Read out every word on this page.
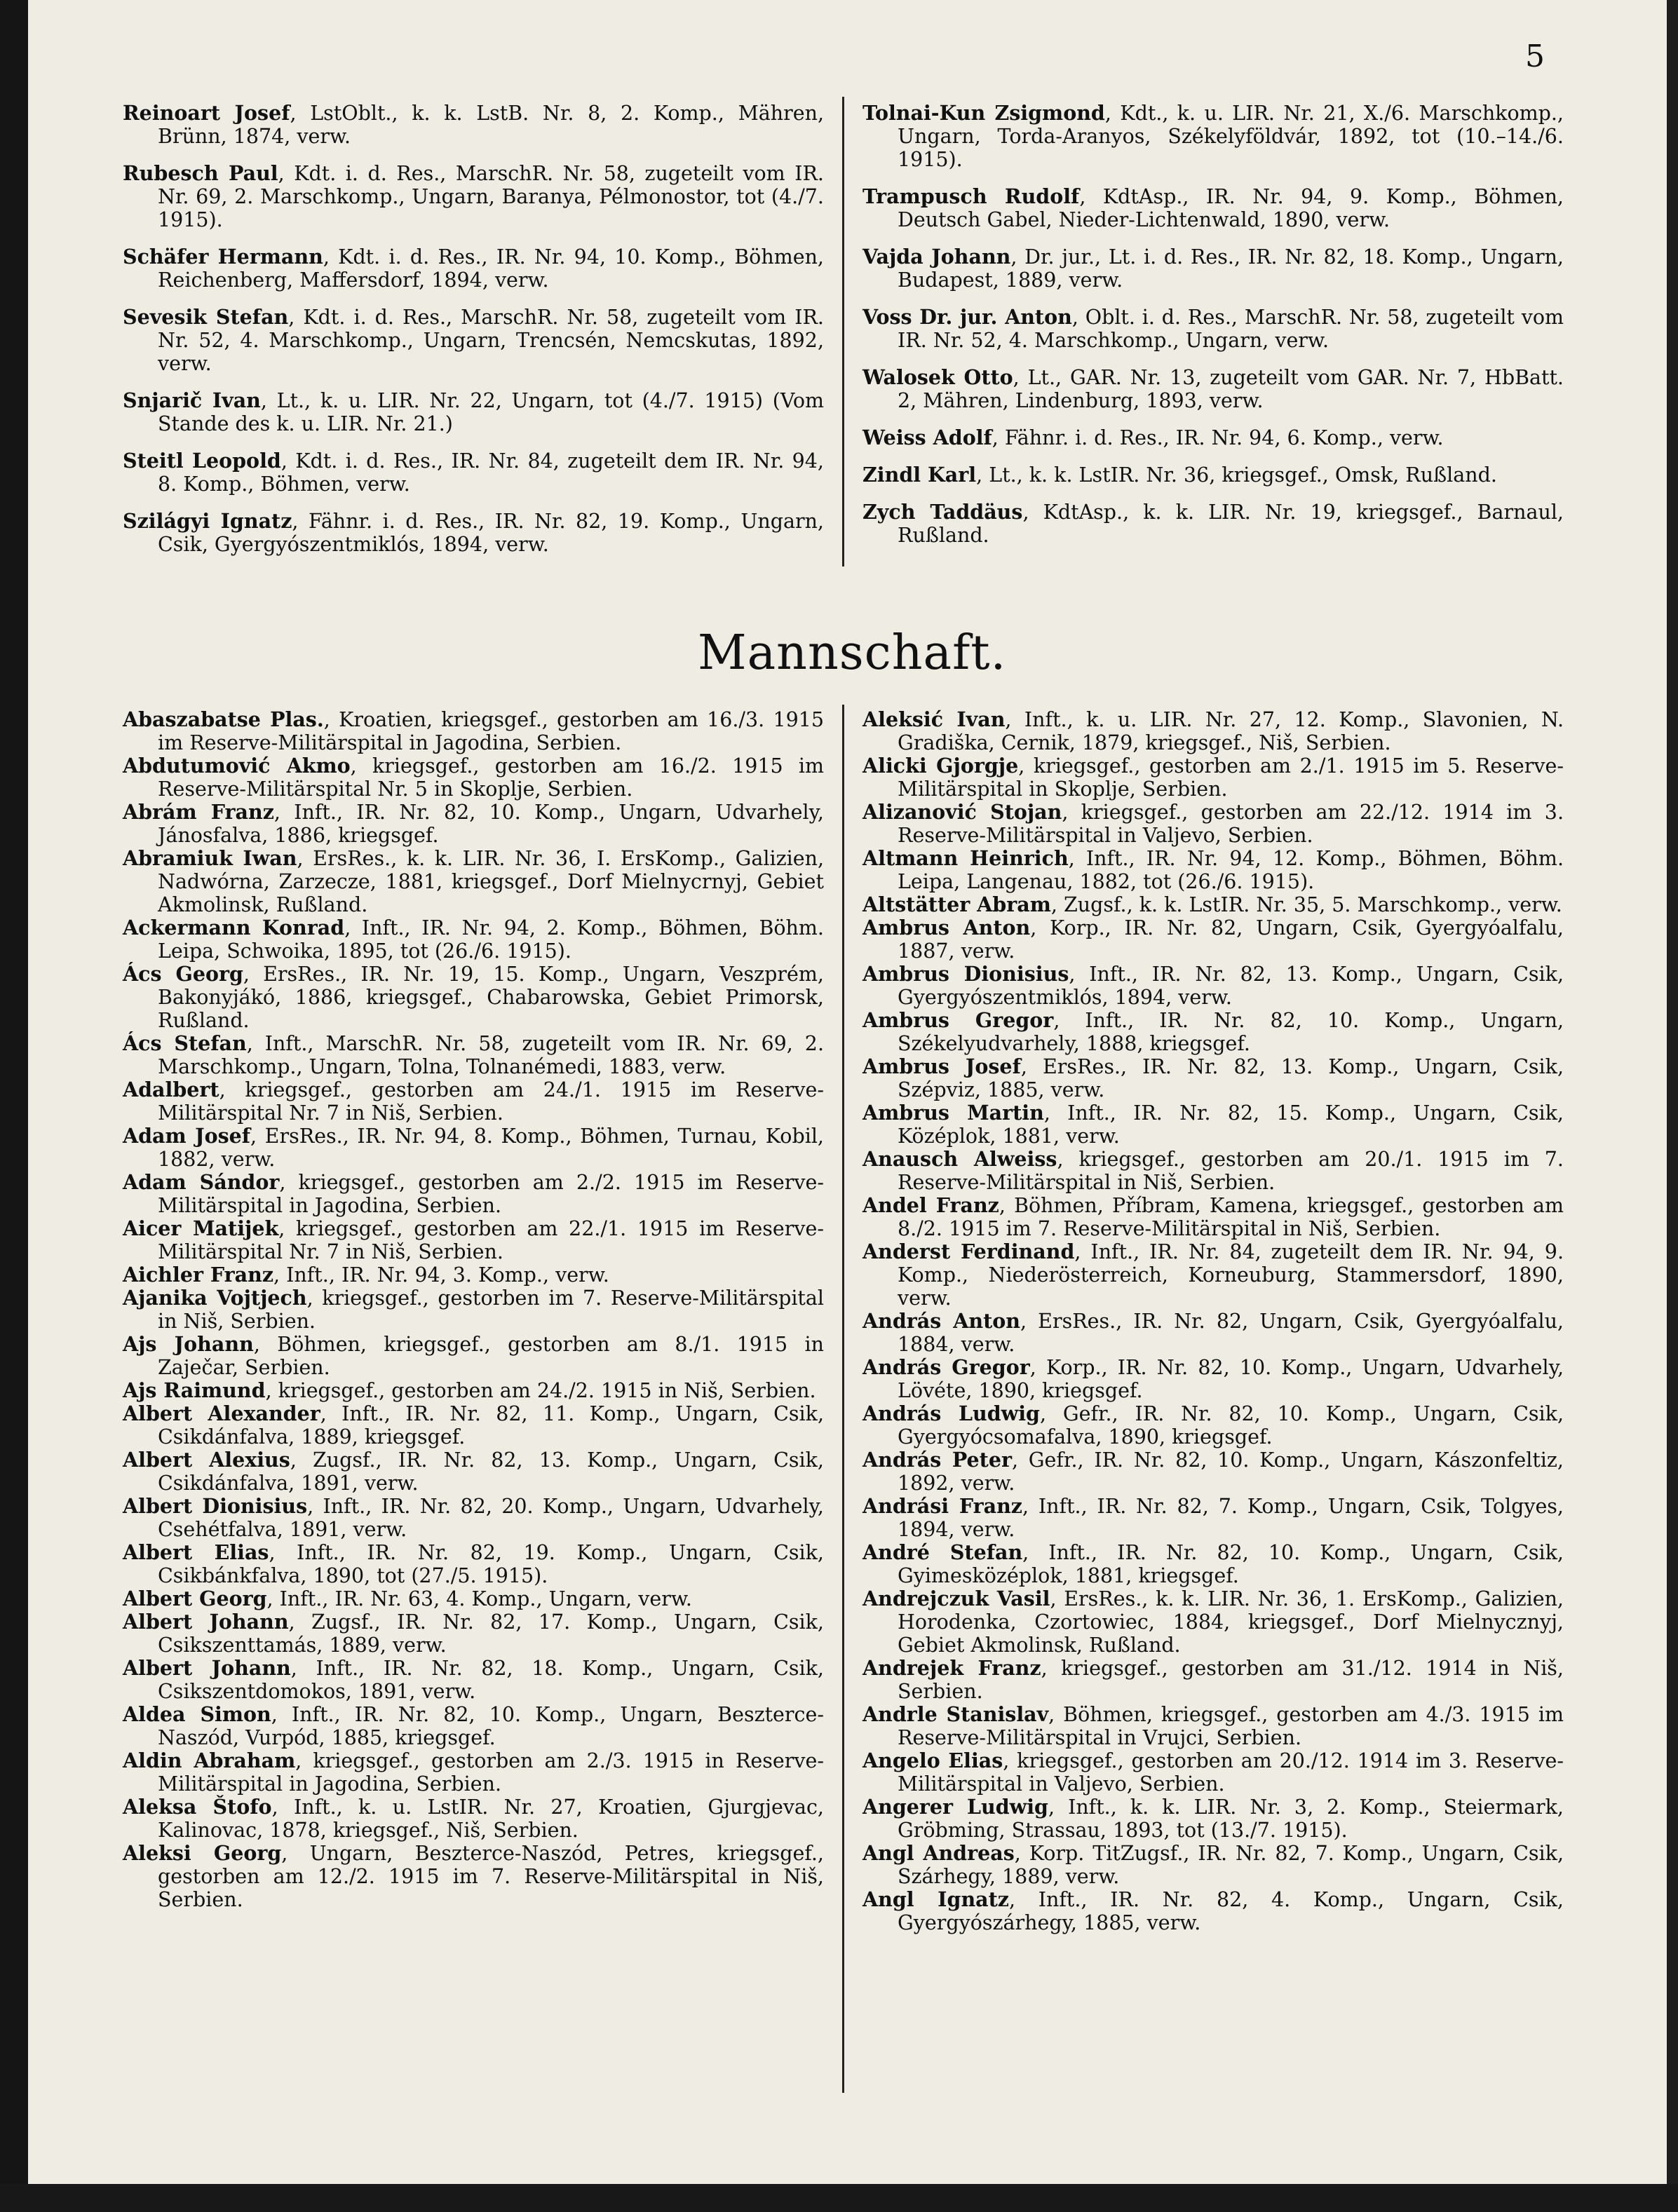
5

Reinoart Josef, LstOblt., k. k. LstB. Nr. 8, 2. Komp., Mähren, Brünn, 1874, verw.

Rubesch Paul, Kdt. i. d. Res., MarschR. Nr. 58, zugeteilt vom IR. Nr. 69, 2. Marschkomp., Ungarn, Baranya, Pélmonostor, tot (4./7. 1915).

Schäfer Hermann, Kdt. i. d. Res., IR. Nr. 94, 10. Komp., Böhmen, Reichenberg, Maffersdorf, 1894, verw.

Sevesik Stefan, Kdt. i. d. Res., MarschR. Nr. 58, zugeteilt vom IR. Nr. 52, 4. Marschkomp., Ungarn, Trencsén, Nemcskutas, 1892, verw.

Snjarič Ivan, Lt., k. u. LIR. Nr. 22, Ungarn, tot (4./7. 1915) (Vom Stande des k. u. LIR. Nr. 21.)

Steitl Leopold, Kdt. i. d. Res., IR. Nr. 84, zugeteilt dem IR. Nr. 94, 8. Komp., Böhmen, verw.

Szilágyi Ignatz, Fähnr. i. d. Res., IR. Nr. 82, 19. Komp., Ungarn, Csik, Gyergyószentmiklós, 1894, verw.

Tolnai-Kun Zsigmond, Kdt., k. u. LIR. Nr. 21, X./6. Marschkomp., Ungarn, Torda-Aranyos, Székelyföldvár, 1892, tot (10.–14./6. 1915).

Trampusch Rudolf, KdtAsp., IR. Nr. 94, 9. Komp., Böhmen, Deutsch Gabel, Nieder-Lichtenwald, 1890, verw.

Vajda Johann, Dr. jur., Lt. i. d. Res., IR. Nr. 82, 18. Komp., Ungarn, Budapest, 1889, verw.

Voss Dr. jur. Anton, Oblt. i. d. Res., MarschR. Nr. 58, zugeteilt vom IR. Nr. 52, 4. Marschkomp., Ungarn, verw.

Walosek Otto, Lt., GAR. Nr. 13, zugeteilt vom GAR. Nr. 7, HbBatt. 2, Mähren, Lindenburg, 1893, verw.

Weiss Adolf, Fähnr. i. d. Res., IR. Nr. 94, 6. Komp., verw.

Zindl Karl, Lt., k. k. LstIR. Nr. 36, kriegsgef., Omsk, Rußland.

Zych Taddäus, KdtAsp., k. k. LIR. Nr. 19, kriegsgef., Barnaul, Rußland.

Mannschaft.

Abaszabatse Plas., Kroatien, kriegsgef., gestorben am 16./3. 1915 im Reserve-Militärspital in Jagodina, Serbien.

Abdutumović Akmo, kriegsgef., gestorben am 16./2. 1915 im Reserve-Militärspital Nr. 5 in Skoplje, Serbien.

Abrám Franz, Inft., IR. Nr. 82, 10. Komp., Ungarn, Udvarhely, Jánosfalva, 1886, kriegsgef.

Abramiuk Iwan, ErsRes., k. k. LIR. Nr. 36, I. ErsKomp., Galizien, Nadwórna, Zarzecze, 1881, kriegsgef., Dorf Mielnycrnyj, Gebiet Akmolinsk, Rußland.

Ackermann Konrad, Inft., IR. Nr. 94, 2. Komp., Böhmen, Böhm. Leipa, Schwoika, 1895, tot (26./6. 1915).

Ács Georg, ErsRes., IR. Nr. 19, 15. Komp., Ungarn, Veszprém, Bakonyjákó, 1886, kriegsgef., Chabarowska, Gebiet Primorsk, Rußland.

Ács Stefan, Inft., MarschR. Nr. 58, zugeteilt vom IR. Nr. 69, 2. Marschkomp., Ungarn, Tolna, Tolnanémedi, 1883, verw.

Adalbert, kriegsgef., gestorben am 24./1. 1915 im Reserve-Militärspital Nr. 7 in Niš, Serbien.

Adam Josef, ErsRes., IR. Nr. 94, 8. Komp., Böhmen, Turnau, Kobil, 1882, verw.

Adam Sándor, kriegsgef., gestorben am 2./2. 1915 im Reserve-Militärspital in Jagodina, Serbien.

Aicer Matijek, kriegsgef., gestorben am 22./1. 1915 im Reserve-Militärspital Nr. 7 in Niš, Serbien.

Aichler Franz, Inft., IR. Nr. 94, 3. Komp., verw.

Ajanika Vojtjech, kriegsgef., gestorben im 7. Reserve-Militärspital in Niš, Serbien.

Ajs Johann, Böhmen, kriegsgef., gestorben am 8./1. 1915 in Zaječar, Serbien.

Ajs Raimund, kriegsgef., gestorben am 24./2. 1915 in Niš, Serbien.

Albert Alexander, Inft., IR. Nr. 82, 11. Komp., Ungarn, Csik, Csikdánfalva, 1889, kriegsgef.

Albert Alexius, Zugsf., IR. Nr. 82, 13. Komp., Ungarn, Csik, Csikdánfalva, 1891, verw.

Albert Dionisius, Inft., IR. Nr. 82, 20. Komp., Ungarn, Udvarhely, Csehétfalva, 1891, verw.

Albert Elias, Inft., IR. Nr. 82, 19. Komp., Ungarn, Csik, Csikbánkfalva, 1890, tot (27./5. 1915).

Albert Georg, Inft., IR. Nr. 63, 4. Komp., Ungarn, verw.

Albert Johann, Zugsf., IR. Nr. 82, 17. Komp., Ungarn, Csik, Csikszenttamás, 1889, verw.

Albert Johann, Inft., IR. Nr. 82, 18. Komp., Ungarn, Csik, Csikszentdomokos, 1891, verw.

Aldea Simon, Inft., IR. Nr. 82, 10. Komp., Ungarn, Beszterce-Naszód, Vurpód, 1885, kriegsgef.

Aldin Abraham, kriegsgef., gestorben am 2./3. 1915 in Reserve-Militärspital in Jagodina, Serbien.

Aleksa Štofo, Inft., k. u. LstIR. Nr. 27, Kroatien, Gjurgjevac, Kalinovac, 1878, kriegsgef., Niš, Serbien.

Aleksi Georg, Ungarn, Beszterce-Naszód, Petres, kriegsgef., gestorben am 12./2. 1915 im 7. Reserve-Militärspital in Niš, Serbien.

Aleksić Ivan, Inft., k. u. LIR. Nr. 27, 12. Komp., Slavonien, N. Gradiška, Cernik, 1879, kriegsgef., Niš, Serbien.

Alicki Gjorgje, kriegsgef., gestorben am 2./1. 1915 im 5. Reserve-Militärspital in Skoplje, Serbien.

Alizanović Stojan, kriegsgef., gestorben am 22./12. 1914 im 3. Reserve-Militärspital in Valjevo, Serbien.

Altmann Heinrich, Inft., IR. Nr. 94, 12. Komp., Böhmen, Böhm. Leipa, Langenau, 1882, tot (26./6. 1915).

Altstätter Abram, Zugsf., k. k. LstIR. Nr. 35, 5. Marschkomp., verw.

Ambrus Anton, Korp., IR. Nr. 82, Ungarn, Csik, Gyergyóalfalu, 1887, verw.

Ambrus Dionisius, Inft., IR. Nr. 82, 13. Komp., Ungarn, Csik, Gyergyószentmiklós, 1894, verw.

Ambrus Gregor, Inft., IR. Nr. 82, 10. Komp., Ungarn, Székelyudvarhely, 1888, kriegsgef.

Ambrus Josef, ErsRes., IR. Nr. 82, 13. Komp., Ungarn, Csik, Szépviz, 1885, verw.

Ambrus Martin, Inft., IR. Nr. 82, 15. Komp., Ungarn, Csik, Középlok, 1881, verw.

Anausch Alweiss, kriegsgef., gestorben am 20./1. 1915 im 7. Reserve-Militärspital in Niš, Serbien.

Andel Franz, Böhmen, Příbram, Kamena, kriegsgef., gestorben am 8./2. 1915 im 7. Reserve-Militärspital in Niš, Serbien.

Anderst Ferdinand, Inft., IR. Nr. 84, zugeteilt dem IR. Nr. 94, 9. Komp., Niederösterreich, Korneuburg, Stammersdorf, 1890, verw.

András Anton, ErsRes., IR. Nr. 82, Ungarn, Csik, Gyergyóalfalu, 1884, verw.

András Gregor, Korp., IR. Nr. 82, 10. Komp., Ungarn, Udvarhely, Lövéte, 1890, kriegsgef.

András Ludwig, Gefr., IR. Nr. 82, 10. Komp., Ungarn, Csik, Gyergyócsomafalva, 1890, kriegsgef.

András Peter, Gefr., IR. Nr. 82, 10. Komp., Ungarn, Kászonfeltiz, 1892, verw.

Andrási Franz, Inft., IR. Nr. 82, 7. Komp., Ungarn, Csik, Tolgyes, 1894, verw.

André Stefan, Inft., IR. Nr. 82, 10. Komp., Ungarn, Csik, Gyimesközéplok, 1881, kriegsgef.

Andrejczuk Vasil, ErsRes., k. k. LIR. Nr. 36, 1. ErsKomp., Galizien, Horodenka, Czortowiec, 1884, kriegsgef., Dorf Mielnycznyj, Gebiet Akmolinsk, Rußland.

Andrejek Franz, kriegsgef., gestorben am 31./12. 1914 in Niš, Serbien.

Andrle Stanislav, Böhmen, kriegsgef., gestorben am 4./3. 1915 im Reserve-Militärspital in Vrujci, Serbien.

Angelo Elias, kriegsgef., gestorben am 20./12. 1914 im 3. Reserve-Militärspital in Valjevo, Serbien.

Angerer Ludwig, Inft., k. k. LIR. Nr. 3, 2. Komp., Steiermark, Gröbming, Strassau, 1893, tot (13./7. 1915).

Angl Andreas, Korp. TitZugsf., IR. Nr. 82, 7. Komp., Ungarn, Csik, Szárhegy, 1889, verw.

Angl Ignatz, Inft., IR. Nr. 82, 4. Komp., Ungarn, Csik, Gyergyószárhegy, 1885, verw.
